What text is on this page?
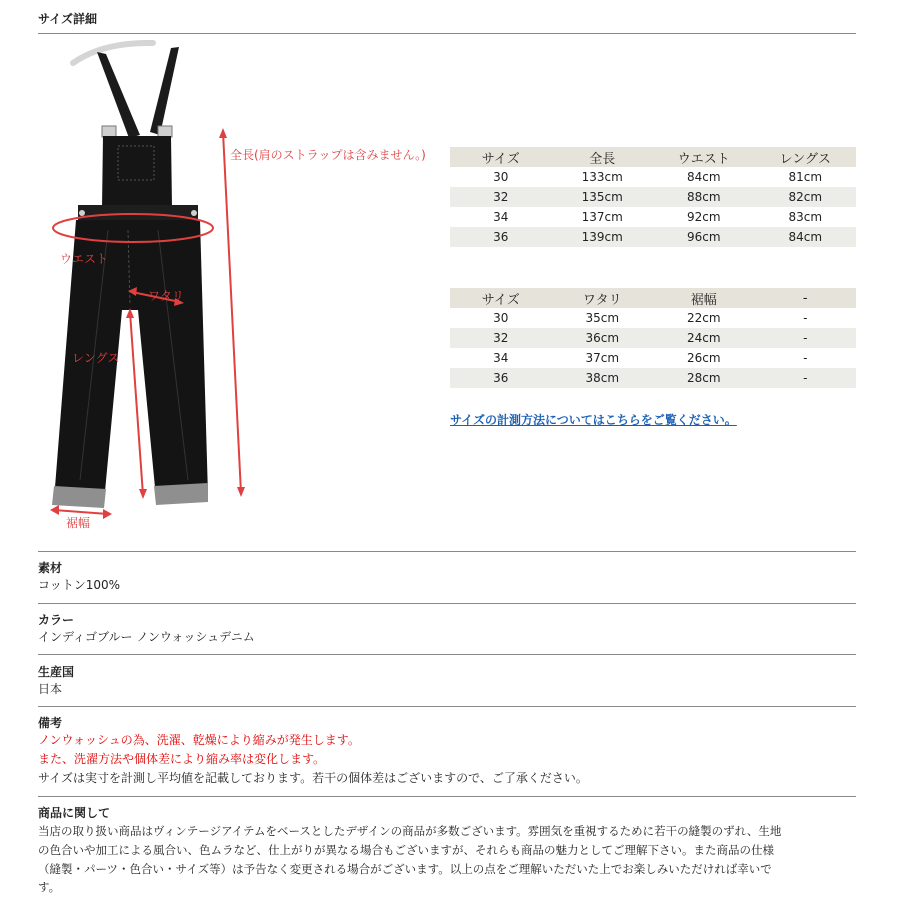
サイズ詳細
全長(肩のストラップは含みません。)
ウエスト
ワタリ
レングス
裾幅
サイズ	全長	ウエスト	レングス
30	133cm	84cm	81cm
32	135cm	88cm	82cm
34	137cm	92cm	83cm
36	139cm	96cm	84cm
サイズ	ワタリ	裾幅	-
30	35cm	22cm	-
32	36cm	24cm	-
34	37cm	26cm	-
36	38cm	28cm	-
サイズの計測方法についてはこちらをご覧ください。
素材
コットン100%
カラー
インディゴブルー ノンウォッシュデニム
生産国
日本
備考
ノンウォッシュの為、洗濯、乾燥により縮みが発生します。
また、洗濯方法や個体差により縮み率は変化します。
サイズは実寸を計測し平均値を記載しております。若干の個体差はございますので、ご了承ください。
商品に関して
当店の取り扱い商品はヴィンテージアイテムをベースとしたデザインの商品が多数ございます。雰囲気を重視するために若干の縫製のずれ、生地
の色合いや加工による風合い、色ムラなど、仕上がりが異なる場合もございますが、それらも商品の魅力としてご理解下さい。また商品の仕様
（縫製・パーツ・色合い・サイズ等）は予告なく変更される場合がございます。以上の点をご理解いただいた上でお楽しみいただければ幸いで
す。
